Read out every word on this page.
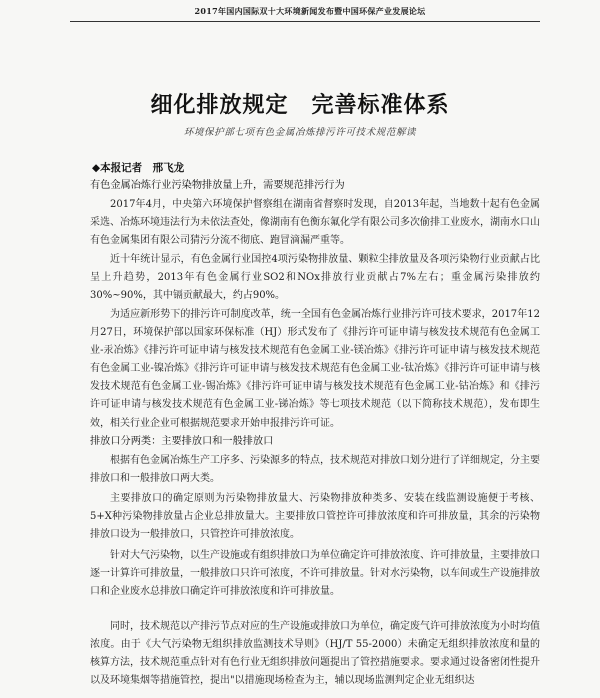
2017年国内国际双十大环境新闻发布暨中国环保产业发展论坛
细化排放规定　完善标准体系
环境保护部七项有色金属冶炼排污许可技术规范解读
◆本报记者　邢飞龙
有色金属冶炼行业污染物排放量上升，需要规范排污行为
2017年4月，中央第六环境保护督察组在湖南省督察时发现，自2013年起，当地数十起有色金属采选、冶炼环境违法行为未依法查处，像湖南有色衡东氟化学有限公司多次偷排工业废水，湖南水口山有色金属集团有限公司猜污分流不彻底、跑冒滴漏严重等。
近十年统计显示，有色金属行业国控4项污染物排放量、颗粒尘排放量及各项污染物行业贡献占比呈上升趋势，2013年有色金属行业SO2和NOx排放行业贡献占7%左右；重金属污染排放约30%~90%，其中镉贡献最大，约占90%。
为适应新形势下的排污许可制度改革，统一全国有色金属冶炼行业排污许可技术要求，2017年12月27日，环境保护部以国家环保标准（HJ）形式发布了《排污许可证申请与核发技术规范有色金属工业-汞冶炼》《排污许可证申请与核发技术规范有色金属工业-镁冶炼》《排污许可证申请与核发技术规范有色金属工业-镍冶炼》《排污许可证申请与核发技术规范有色金属工业-钛冶炼》《排污许可证申请与核发技术规范有色金属工业-锡冶炼》《排污许可证申请与核发技术规范有色金属工业-钴冶炼》和《排污许可证申请与核发技术规范有色金属工业-锑冶炼》等七项技术规范（以下简称技术规范），发布即生效，相关行业企业可根据规范要求开始申报排污许可证。
排放口分两类：主要排放口和一般排放口
根据有色金属冶炼生产工序多、污染源多的特点，技术规范对排放口划分进行了详细规定，分主要排放口和一般排放口两大类。
主要排放口的确定原则为污染物排放量大、污染物排放种类多、安装在线监测设施便于考核、5+X种污染物排放量占企业总排放量大。主要排放口管控许可排放浓度和许可排放量，其余的污染物排放口设为一般排放口，只管控许可排放浓度。
针对大气污染物，以生产设施或有组织排放口为单位确定许可排放浓度、许可排放量，主要排放口逐一计算许可排放量，一般排放口只许可浓度，不许可排放量。针对水污染物，以车间或生产设施排放口和企业废水总排放口确定许可排放浓度和许可排放量。
同时，技术规范以产排污节点对应的生产设施或排放口为单位，确定废气许可排放浓度为小时均值浓度。由于《大气污染物无组织排放监测技术导则》（HJ/T 55-2000）未确定无组织排放浓度和量的核算方法，技术规范重点针对有色行业无组织排放问题提出了管控措施要求。要求通过设备密闭性提升以及环境集烟等措施管控，提出"以措施现场检查为主，辅以现场监测判定企业无组织达
